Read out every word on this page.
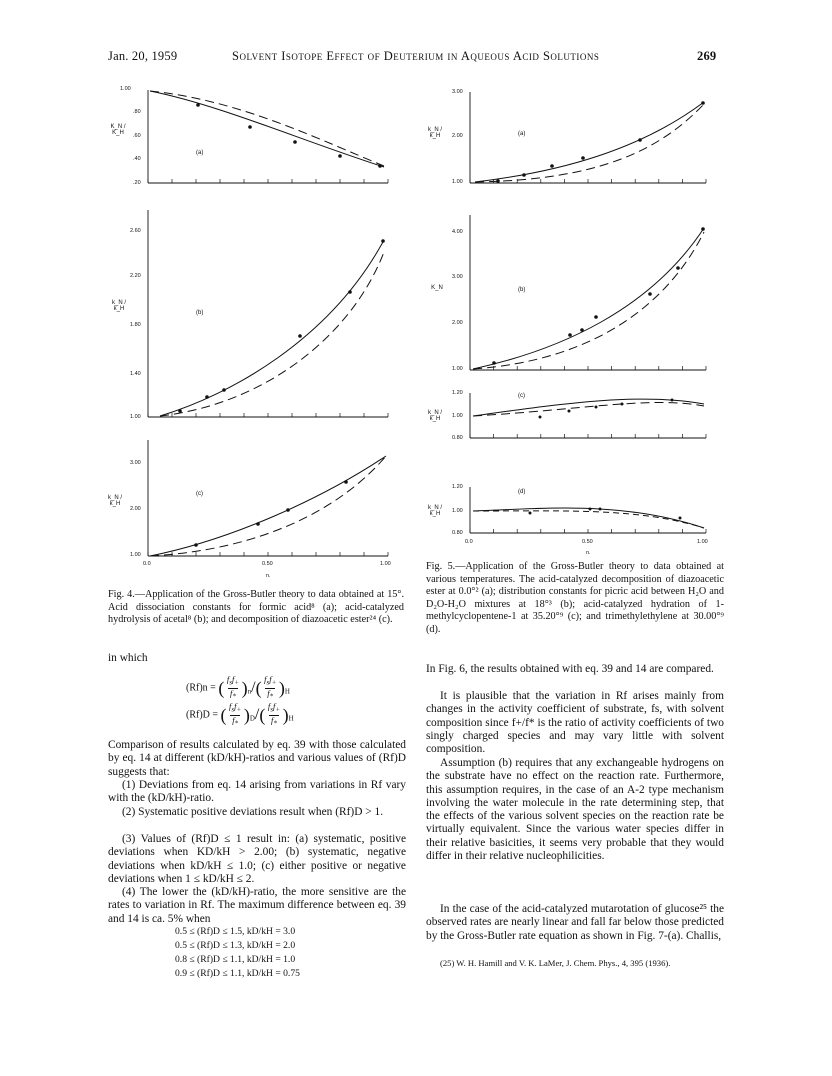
Jan. 20, 1959	Solvent Isotope Effect of Deuterium in Aqueous Acid Solutions	269
1.00
.80
.60
.40
.20
K_N / K_H
(a)
2.60
2.20
1.80
1.40
1.00
k_N / k_H
(b)
3.00
2.00
1.00
k_N / k_H
(c)
0.0	0.50	1.00
n.
3.00
2.00
1.00
k_N / k_H	(a)
4.00
3.00
2.00
1.00
K_N	(b)
1.20
1.00
0.80
k_N / k_H
(c)
1.20
1.00
0.80
k_N / k_H
(d)
0.0	0.50	1.00
n.
Fig. 4.—Application of the Gross-Butler theory to data obtained at 15°. Acid dissociation constants for formic acid⁸ (a); acid-catalyzed hydrolysis of acetal⁸ (b); and decomposition of diazoacetic ester²⁴ (c).
Fig. 5.—Application of the Gross-Butler theory to data obtained at various temperatures. The acid-catalyzed decomposition of diazoacetic ester at 0.0°² (a); distribution constants for picric acid between H₂O and D₂O-H₂O mixtures at 18°³ (b); acid-catalyzed hydration of 1-methylcyclopentene-1 at 35.20°⁹ (c); and trimethylethylene at 30.00°⁹ (d).
in which
(Rf)n = ( $f_sf_+$
$f_*$ )$_n/$( $f_sf_+$
$f_*$ )$_H$
(Rf)D = ( $f_sf_+$
$f_*$ )$_D/$( $f_sf_+$
$f_*$ )$_H$
Comparison of results calculated by eq. 39 with those calculated by eq. 14 at different (kD/kH)-ratios and various values of (Rf)D suggests that:
(1) Deviations from eq. 14 arising from variations in Rf vary with the (kD/kH)-ratio.
(2) Systematic positive deviations result when (Rf)D > 1.
(3) Values of (Rf)D ≤ 1 result in: (a) systematic, positive deviations when KD/kH > 2.00; (b) systematic, negative deviations when kD/kH ≤ 1.0; (c) either positive or negative deviations when 1 ≤ kD/kH ≤ 2.
(4) The lower the (kD/kH)-ratio, the more sensitive are the rates to variation in Rf. The maximum difference between eq. 39 and 14 is ca. 5% when
0.5 ≤ (Rf)D ≤ 1.5, kD/kH = 3.0
0.5 ≤ (Rf)D ≤ 1.3, kD/kH = 2.0
0.8 ≤ (Rf)D ≤ 1.1, kD/kH = 1.0
0.9 ≤ (Rf)D ≤ 1.1, kD/kH = 0.75
In Fig. 6, the results obtained with eq. 39 and 14 are compared.
It is plausible that the variation in Rf arises mainly from changes in the activity coefficient of substrate, fs, with solvent composition since f+/f* is the ratio of activity coefficients of two singly charged species and may vary little with solvent composition.
Assumption (b) requires that any exchangeable hydrogens on the substrate have no effect on the reaction rate. Furthermore, this assumption requires, in the case of an A-2 type mechanism involving the water molecule in the rate determining step, that the effects of the various solvent species on the reaction rate be virtually equivalent. Since the various water species differ in their relative basicities, it seems very probable that they would differ in their relative nucleophilicities.
In the case of the acid-catalyzed mutarotation of glucose²⁵ the observed rates are nearly linear and fall far below those predicted by the Gross-Butler rate equation as shown in Fig. 7-(a). Challis,
(25) W. H. Hamill and V. K. LaMer, J. Chem. Phys., 4, 395 (1936).
